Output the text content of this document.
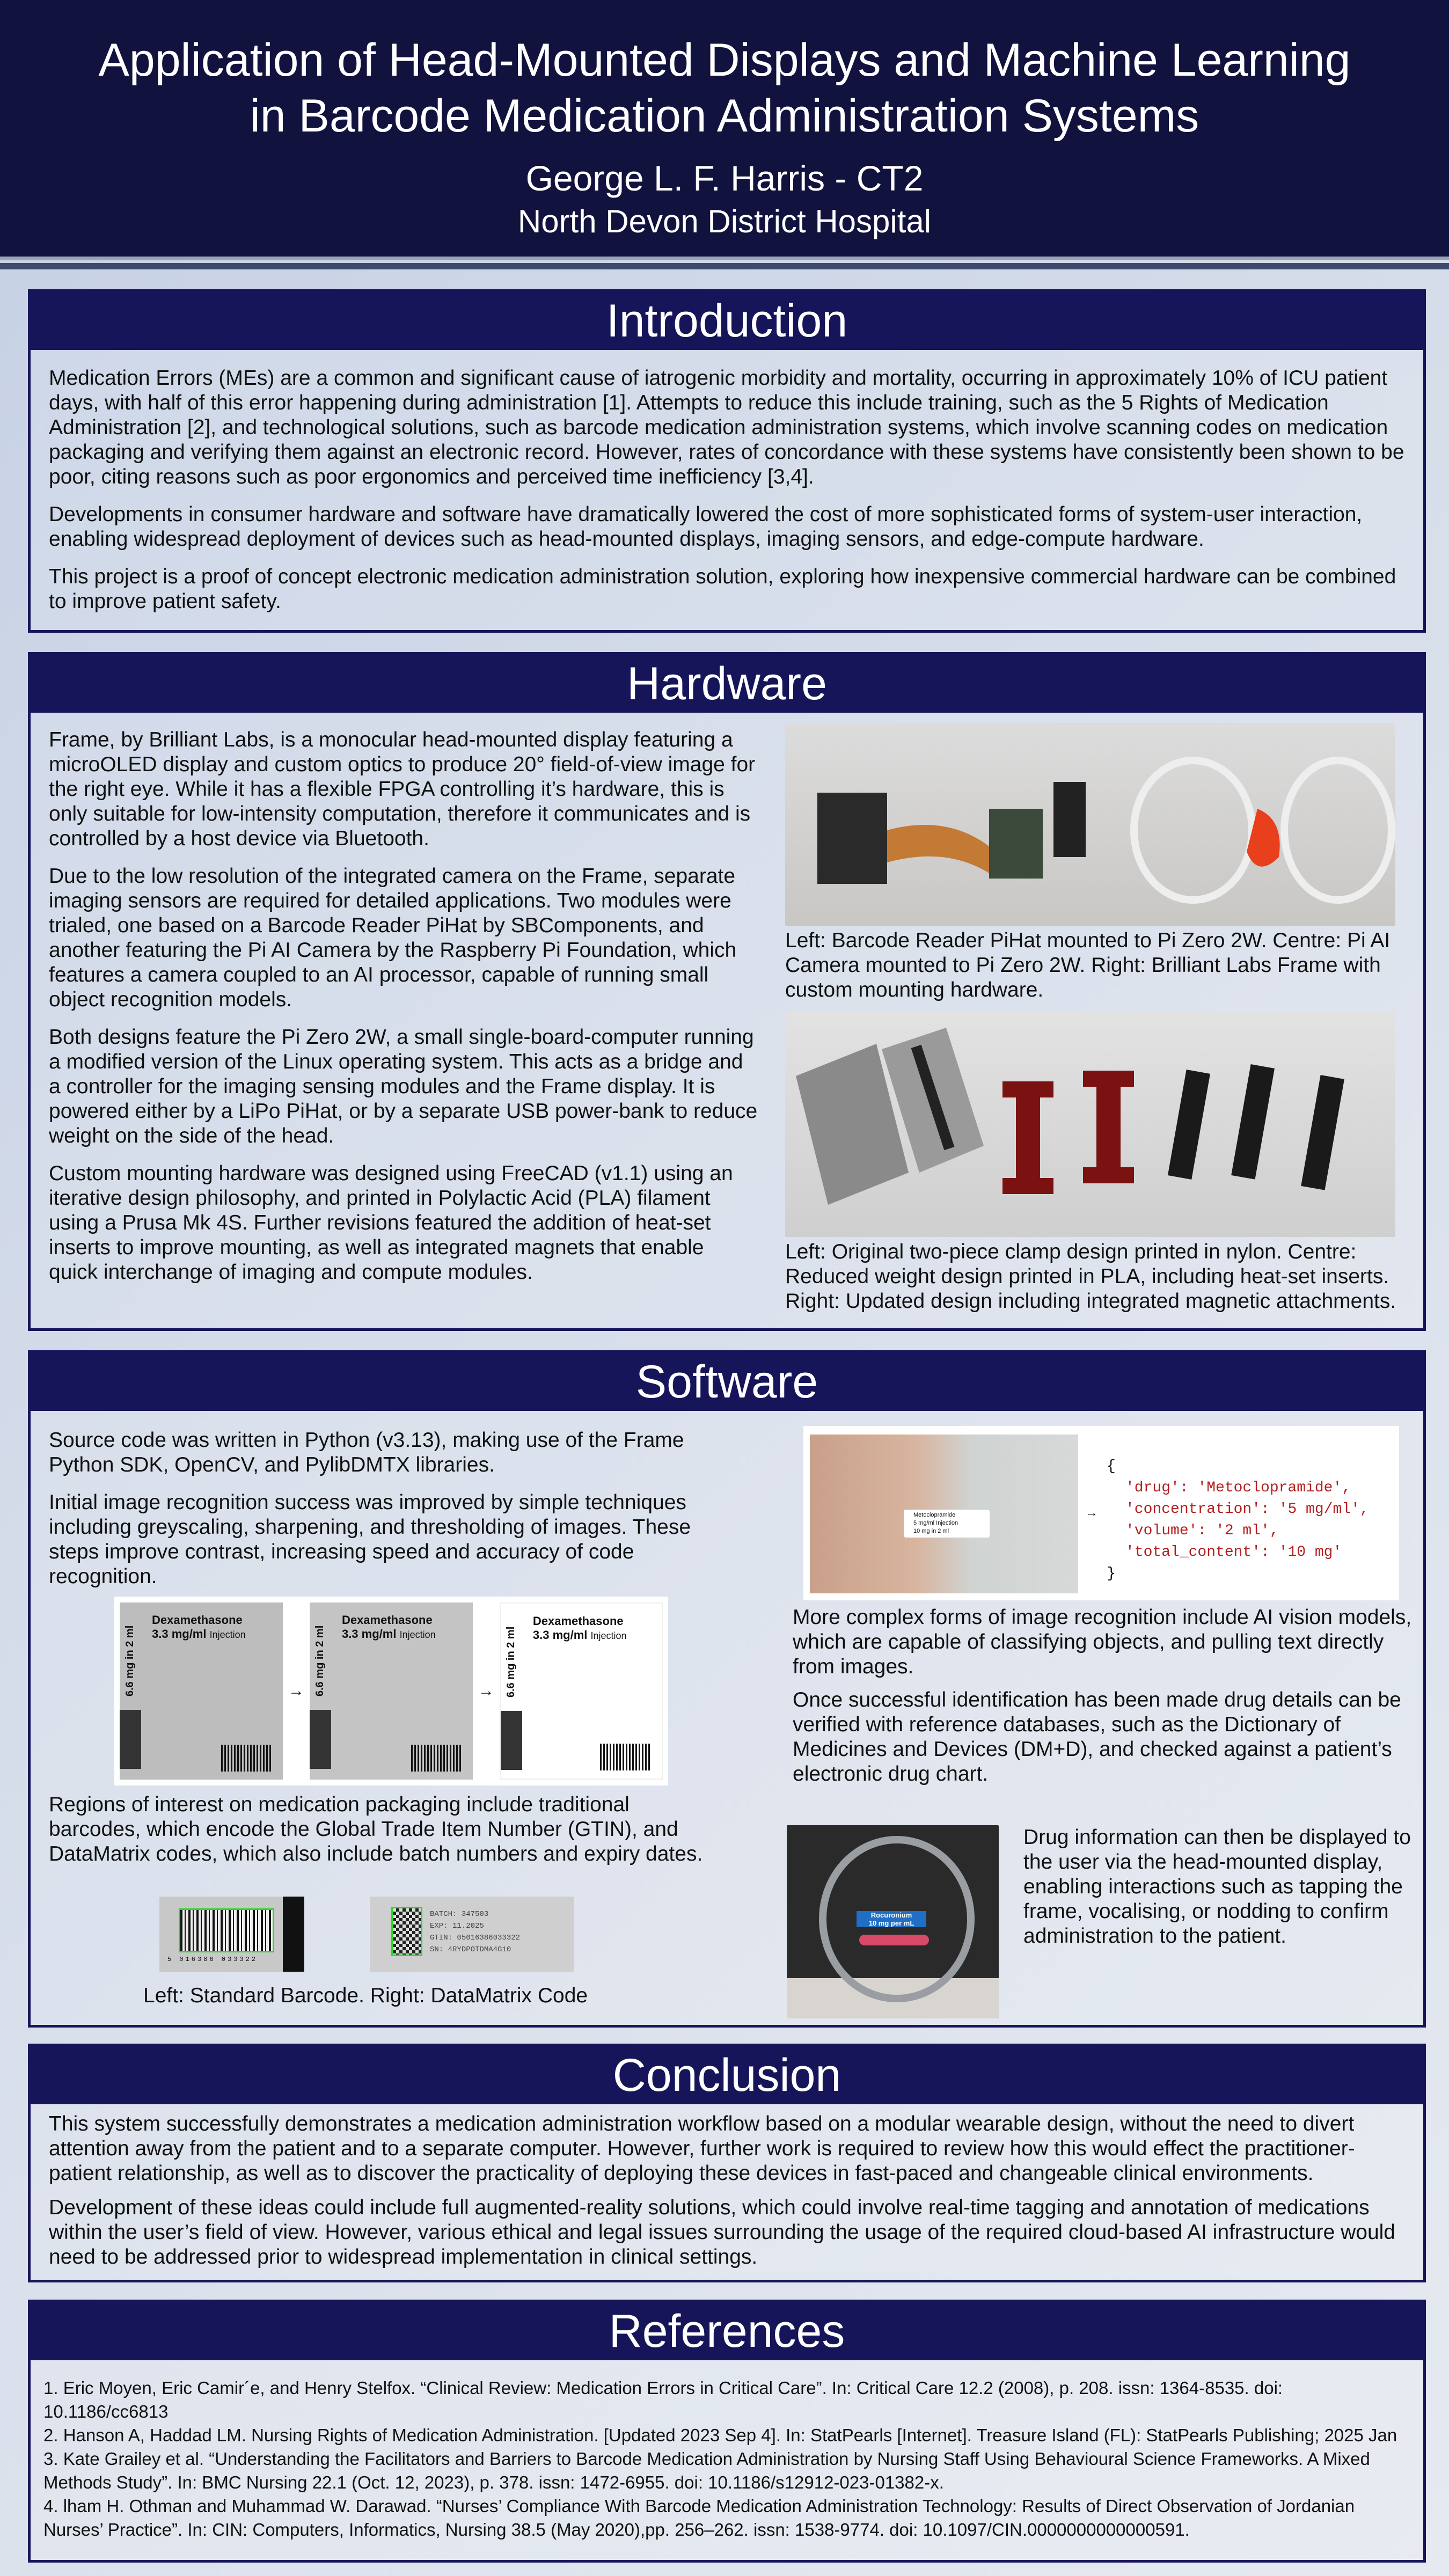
Application of Head-Mounted Displays and Machine Learning
in Barcode Medication Administration Systems
George L. F. Harris - CT2
North Devon District Hospital
Introduction

Medication Errors (MEs) are a common and significant cause of iatrogenic morbidity and mortality, occurring in approximately 10% of ICU patient days, with half of this error happening during administration [1]. Attempts to reduce this include training, such as the 5 Rights of Medication Administration [2], and technological solutions, such as barcode medication administration systems, which involve scanning codes on medication packaging and verifying them against an electronic record. However, rates of concordance with these systems have consistently been shown to be poor, citing reasons such as poor ergonomics and perceived time inefficiency [3,4].

Developments in consumer hardware and software have dramatically lowered the cost of more sophisticated forms of system-user interaction, enabling widespread deployment of devices such as head-mounted displays, imaging sensors, and edge-compute hardware.

This project is a proof of concept electronic medication administration solution, exploring how inexpensive commercial hardware can be combined to improve patient safety.

Hardware

Frame, by Brilliant Labs, is a monocular head-mounted display featuring a microOLED display and custom optics to produce 20° field-of-view image for the right eye. While it has a flexible FPGA controlling it’s hardware, this is only suitable for low-intensity computation, therefore it communicates and is controlled by a host device via Bluetooth.

Due to the low resolution of the integrated camera on the Frame, separate imaging sensors are required for detailed applications. Two modules were trialed, one based on a Barcode Reader PiHat by SBComponents, and another featuring the Pi AI Camera by the Raspberry Pi Foundation, which features a camera coupled to an AI processor, capable of running small object recognition models.

Both designs feature the Pi Zero 2W, a small single-board-computer running a modified version of the Linux operating system. This acts as a bridge and a controller for the imaging sensing modules and the Frame display. It is powered either by a LiPo PiHat, or by a separate USB power-bank to reduce weight on the side of the head.

Custom mounting hardware was designed using FreeCAD (v1.1) using an iterative design philosophy, and printed in Polylactic Acid (PLA) filament using a Prusa Mk 4S. Further revisions featured the addition of heat-set inserts to improve mounting, as well as integrated magnets that enable quick interchange of imaging and compute modules.

Left: Barcode Reader PiHat mounted to Pi Zero 2W. Centre: Pi AI Camera mounted to Pi Zero 2W. Right: Brilliant Labs Frame with custom mounting hardware.
Left: Original two-piece clamp design printed in nylon. Centre: Reduced weight design printed in PLA, including heat-set inserts. Right: Updated design including integrated magnetic attachments.
Software

Source code was written in Python (v3.13), making use of the Frame Python SDK, OpenCV, and PylibDMTX libraries.

Initial image recognition success was improved by simple techniques including greyscaling, sharpening, and thresholding of images. These steps improve contrast, increasing speed and accuracy of code recognition.

6.6 mg in 2 ml
Dexamethasone
3.3 mg/ml Injection
→ 6.6 mg in 2 ml
Dexamethasone
3.3 mg/ml Injection
→ 6.6 mg in 2 ml
Dexamethasone
3.3 mg/ml Injection

Regions of interest on medication packaging include traditional barcodes, which encode the Global Trade Item Number (GTIN), and DataMatrix codes, which also include batch numbers and expiry dates.

5 016386 033322
BATCH: 347503
EXP: 11.2025
GTIN: 05016386033322
SN: 4RYDPOTDMA4G10
Left: Standard Barcode. Right: DataMatrix Code
Metoclopramide
5 mg/ml Injection
10 mg in 2 ml
→
{
'drug': 'Metoclopramide',
'concentration': '5 mg/ml',
'volume': '2 ml',
'total_content': '10 mg'
}

More complex forms of image recognition include AI vision models, which are capable of classifying objects, and pulling text directly from images.

Once successful identification has been made drug details can be verified with reference databases, such as the Dictionary of Medicines and Devices (DM+D), and checked against a patient’s electronic drug chart.

Rocuronium
10 mg per mL

Drug information can then be displayed to the user via the head-mounted display, enabling interactions such as tapping the frame, vocalising, or nodding to confirm administration to the patient.

Conclusion

This system successfully demonstrates a medication administration workflow based on a modular wearable design, without the need to divert attention away from the patient and to a separate computer. However, further work is required to review how this would effect the practitioner-patient relationship, as well as to discover the practicality of deploying these devices in fast-paced and changeable clinical environments.

Development of these ideas could include full augmented-reality solutions, which could involve real-time tagging and annotation of medications within the user’s field of view. However, various ethical and legal issues surrounding the usage of the required cloud-based AI infrastructure would need to be addressed prior to widespread implementation in clinical settings.

References
1. Eric Moyen, Eric Camir´e, and Henry Stelfox. “Clinical Review: Medication Errors in Critical Care”. In: Critical Care 12.2 (2008), p. 208. issn: 1364-8535. doi: 10.1186/cc6813
2. Hanson A, Haddad LM. Nursing Rights of Medication Administration. [Updated 2023 Sep 4]. In: StatPearls [Internet]. Treasure Island (FL): StatPearls Publishing; 2025 Jan
3. Kate Grailey et al. “Understanding the Facilitators and Barriers to Barcode Medication Administration by Nursing Staff Using Behavioural Science Frameworks. A Mixed Methods Study”. In: BMC Nursing 22.1 (Oct. 12, 2023), p. 378. issn: 1472-6955. doi: 10.1186/s12912-023-01382-x.
4. lham H. Othman and Muhammad W. Darawad. “Nurses’ Compliance With Barcode Medication Administration Technology: Results of Direct Observation of Jordanian Nurses’ Practice”. In: CIN: Computers, Informatics, Nursing 38.5 (May 2020),pp. 256–262. issn: 1538-9774. doi: 10.1097/CIN.0000000000000591.
